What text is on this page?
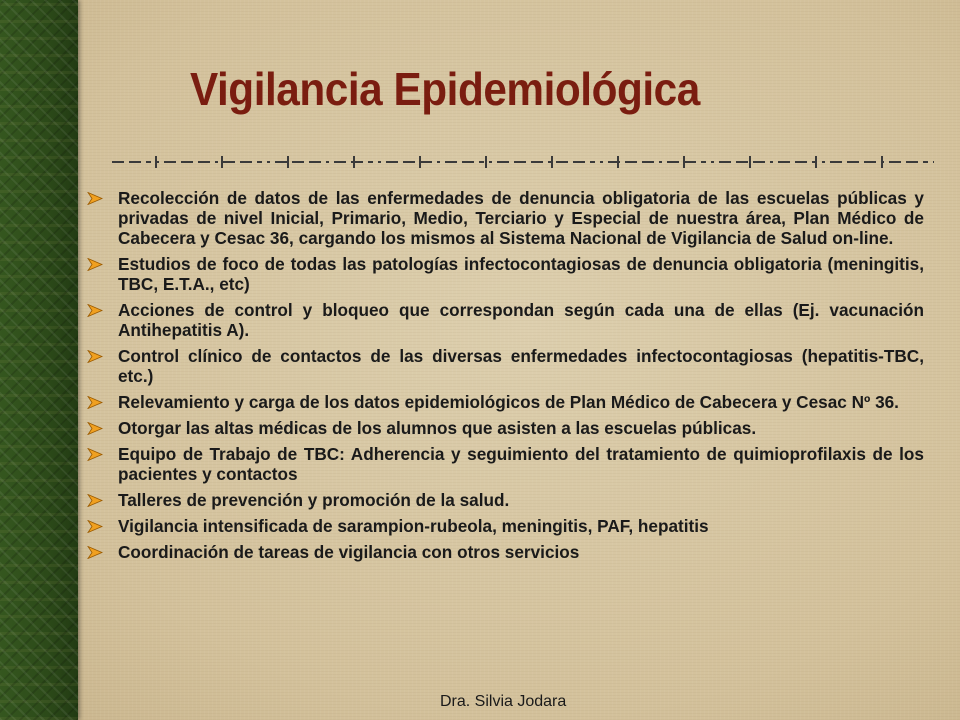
Vigilancia Epidemiológica
Recolección de datos de las enfermedades de denuncia obligatoria de las escuelas públicas y privadas de nivel Inicial, Primario, Medio, Terciario y Especial de nuestra área, Plan Médico de Cabecera y Cesac 36, cargando los mismos al Sistema Nacional de Vigilancia de Salud on-line.
Estudios de foco de todas las patologías infectocontagiosas de denuncia obligatoria (meningitis, TBC, E.T.A., etc)
Acciones de control y bloqueo que correspondan según cada una de ellas (Ej. vacunación Antihepatitis A).
Control clínico de contactos de las diversas enfermedades infectocontagiosas (hepatitis-TBC, etc.)
Relevamiento y carga de los datos epidemiológicos de Plan Médico de Cabecera y Cesac Nº 36.
Otorgar las altas médicas de los alumnos que asisten a las escuelas públicas.
Equipo de Trabajo de TBC: Adherencia y seguimiento del tratamiento de quimioprofilaxis de los pacientes y contactos
Talleres de prevención y promoción de la salud.
Vigilancia intensificada de sarampion-rubeola, meningitis, PAF, hepatitis
Coordinación de tareas de vigilancia con otros servicios
Dra. Silvia Jodara
